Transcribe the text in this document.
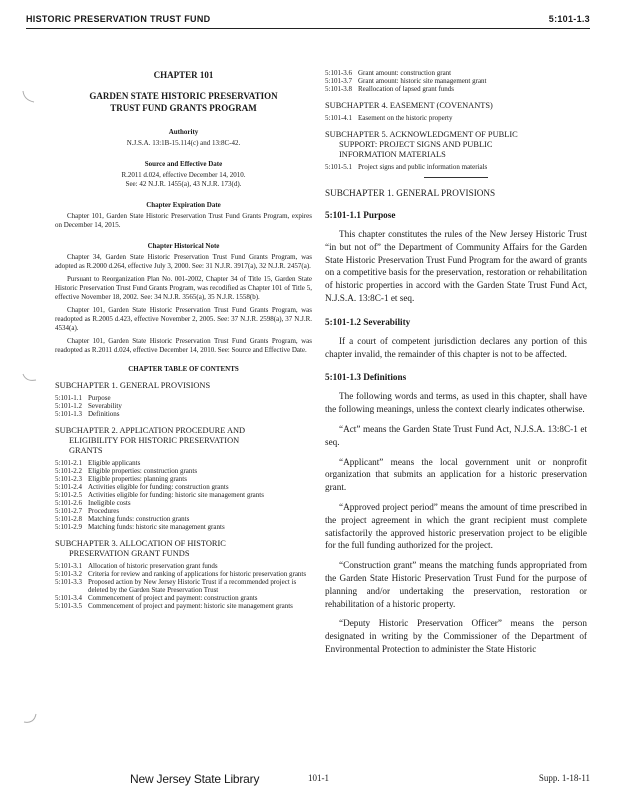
HISTORIC PRESERVATION TRUST FUND	5:101-1.3

CHAPTER 101

GARDEN STATE HISTORIC PRESERVATION
TRUST FUND GRANTS PROGRAM

Authority

N.J.S.A. 13:1B-15.114(c) and 13:8C-42.

Source and Effective Date

R.2011 d.024, effective December 14, 2010.

See: 42 N.J.R. 1455(a), 43 N.J.R. 173(d).

Chapter Expiration Date

Chapter 101, Garden State Historic Preservation Trust Fund Grants Program, expires on December 14, 2015.

Chapter Historical Note

Chapter 34, Garden State Historic Preservation Trust Fund Grants Program, was adopted as R.2000 d.264, effective July 3, 2000. See: 31 N.J.R. 3917(a), 32 N.J.R. 2457(a).

Pursuant to Reorganization Plan No. 001-2002, Chapter 34 of Title 15, Garden State Historic Preservation Trust Fund Grants Program, was recodified as Chapter 101 of Title 5, effective November 18, 2002. See: 34 N.J.R. 3565(a), 35 N.J.R. 1558(b).

Chapter 101, Garden State Historic Preservation Trust Fund Grants Program, was readopted as R.2005 d.423, effective November 2, 2005. See: 37 N.J.R. 2598(a), 37 N.J.R. 4534(a).

Chapter 101, Garden State Historic Preservation Trust Fund Grants Program, was readopted as R.2011 d.024, effective December 14, 2010. See: Source and Effective Date.

CHAPTER TABLE OF CONTENTS

SUBCHAPTER 1. GENERAL PROVISIONS
5:101-1.1 Purpose
5:101-1.2 Severability
5:101-1.3 Definitions
SUBCHAPTER 2. APPLICATION PROCEDURE AND
ELIGIBILITY FOR HISTORIC PRESERVATION
GRANTS
5:101-2.1 Eligible applicants
5:101-2.2 Eligible properties: construction grants
5:101-2.3 Eligible properties: planning grants
5:101-2.4 Activities eligible for funding: construction grants
5:101-2.5 Activities eligible for funding: historic site management grants
5:101-2.6 Ineligible costs
5:101-2.7 Procedures
5:101-2.8 Matching funds: construction grants
5:101-2.9 Matching funds: historic site management grants
SUBCHAPTER 3. ALLOCATION OF HISTORIC
PRESERVATION GRANT FUNDS
5:101-3.1 Allocation of historic preservation grant funds
5:101-3.2 Criteria for review and ranking of applications for historic preservation grants
5:101-3.3 Proposed action by New Jersey Historic Trust if a recommended project is deleted by the Garden State Preservation Trust
5:101-3.4 Commencement of project and payment: construction grants
5:101-3.5 Commencement of project and payment: historic site management grants
5:101-3.6 Grant amount: construction grant
5:101-3.7 Grant amount: historic site management grant
5:101-3.8 Reallocation of lapsed grant funds
SUBCHAPTER 4. EASEMENT (COVENANTS)
5:101-4.1 Easement on the historic property
SUBCHAPTER 5. ACKNOWLEDGMENT OF PUBLIC
SUPPORT: PROJECT SIGNS AND PUBLIC
INFORMATION MATERIALS
5:101-5.1 Project signs and public information materials

SUBCHAPTER 1. GENERAL PROVISIONS

5:101-1.1 Purpose

This chapter constitutes the rules of the New Jersey Historic Trust “in but not of” the Department of Community Affairs for the Garden State Historic Preservation Trust Fund Program for the award of grants on a competitive basis for the preservation, restoration or rehabilitation of historic properties in accord with the Garden State Trust Fund Act, N.J.S.A. 13:8C-1 et seq.

5:101-1.2 Severability

If a court of competent jurisdiction declares any portion of this chapter invalid, the remainder of this chapter is not to be affected.

5:101-1.3 Definitions

The following words and terms, as used in this chapter, shall have the following meanings, unless the context clearly indicates otherwise.

“Act” means the Garden State Trust Fund Act, N.J.S.A. 13:8C-1 et seq.

“Applicant” means the local government unit or nonprofit organization that submits an application for a historic preservation grant.

“Approved project period” means the amount of time prescribed in the project agreement in which the grant recipient must complete satisfactorily the approved historic preservation project to be eligible for the full funding authorized for the project.

“Construction grant” means the matching funds appropriated from the Garden State Historic Preservation Trust Fund for the purpose of planning and/or undertaking the preservation, restoration or rehabilitation of a historic property.

“Deputy Historic Preservation Officer” means the person designated in writing by the Commissioner of the Department of Environmental Protection to administer the State Historic

New Jersey State Library	101-1	Supp. 1-18-11
